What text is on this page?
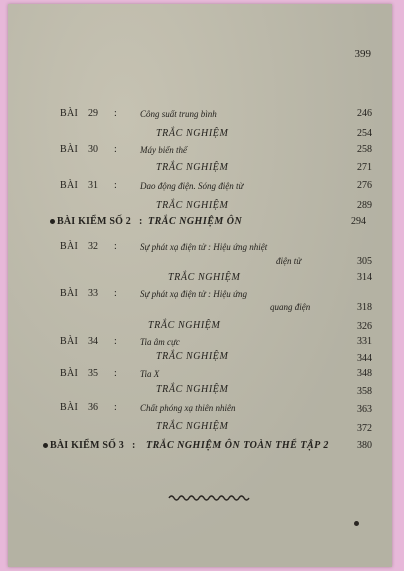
399
BÀI 29	:	Công suất trung bình	246
TRẮC NGHIỆM	254
BÀI 30	:	Máy biến thế	258
TRẮC NGHIỆM	271
BÀI 31	:	Dao động điện. Sóng điện từ	276
TRẮC NGHIỆM	289
BÀI KIỂM SỐ 2 : TRẮC NGHIỆM ÔN	294
BÀI 32	:	Sự phát xạ điện tử : Hiệu ứng nhiệt
điện tử	305
TRẮC NGHIỆM	314
BÀI 33	:	Sự phát xạ điện tử : Hiệu ứng
quang điện	318
TRẮC NGHIỆM	326
BÀI 34	:	Tia âm cực	331
TRẮC NGHIỆM	344
BÀI 35	:	Tia X	348
TRẮC NGHIỆM	358
BÀI 36	:	Chất phóng xạ thiên nhiên	363
TRẮC NGHIỆM	372
BÀI KIỂM SỐ 3 : TRẮC NGHIỆM ÔN TOÀN THỂ TẬP 2	380
